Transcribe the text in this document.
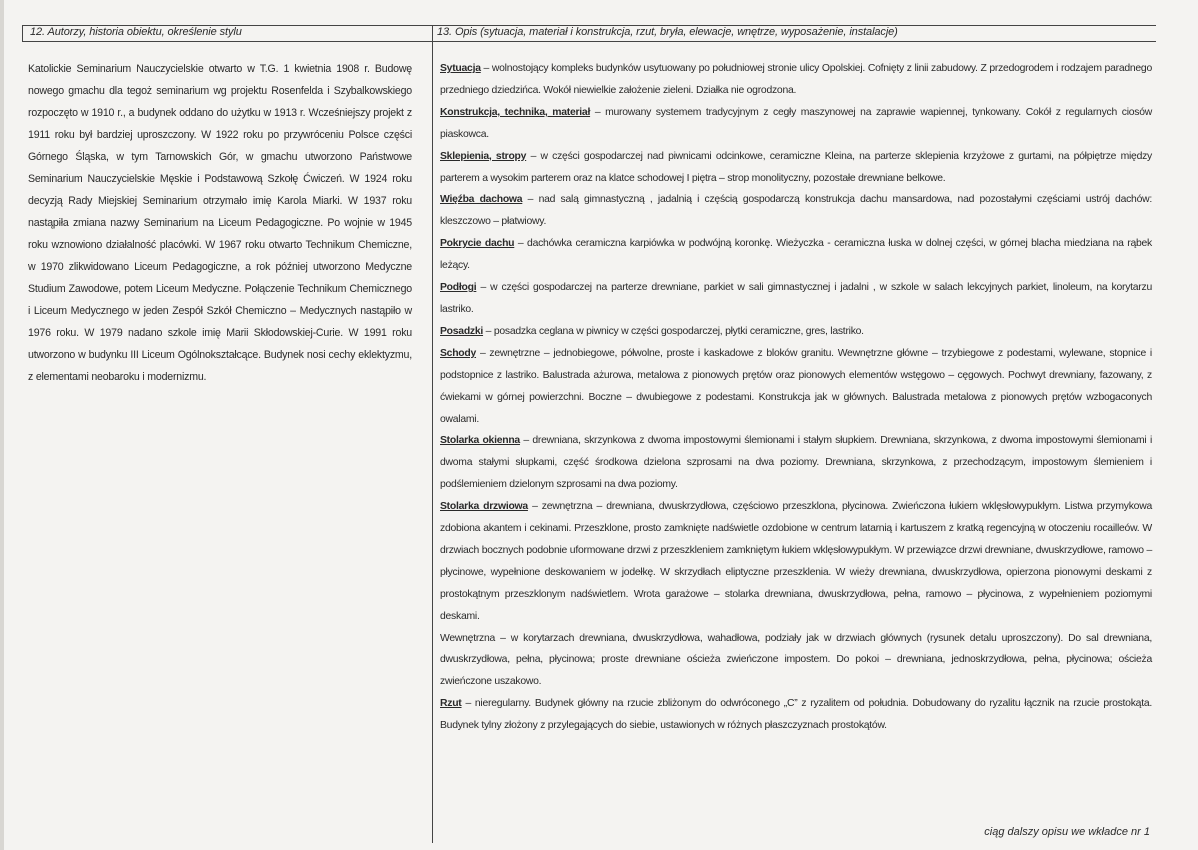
12. Autorzy, historia obiektu, określenie stylu	13. Opis (sytuacja, materiał i konstrukcja, rzut, bryła, elewacje, wnętrze, wyposażenie, instalacje)

Katolickie Seminarium Nauczycielskie otwarto w T.G. 1 kwietnia 1908 r. Budowę nowego gmachu dla tegoż seminarium wg projektu Rosenfelda i Szybalkowskiego rozpoczęto w 1910 r., a budynek oddano do użytku w 1913 r. Wcześniejszy projekt z 1911 roku był bardziej uproszczony. W 1922 roku po przywróceniu Polsce części Górnego Śląska, w tym Tarnowskich Gór, w gmachu utworzono Państwowe Seminarium Nauczycielskie Męskie i Podstawową Szkołę Ćwiczeń. W 1924 roku decyzją Rady Miejskiej Seminarium otrzymało imię Karola Miarki. W 1937 roku nastąpiła zmiana nazwy Seminarium na Liceum Pedagogiczne. Po wojnie w 1945 roku wznowiono działalność placówki. W 1967 roku otwarto Technikum Chemiczne, w 1970 zlikwidowano Liceum Pedagogiczne, a rok później utworzono Medyczne Studium Zawodowe, potem Liceum Medyczne. Połączenie Technikum Chemicznego i Liceum Medycznego w jeden Zespół Szkół Chemiczno – Medycznych nastąpiło w 1976 roku. W 1979 nadano szkole imię Marii Skłodowskiej-Curie. W 1991 roku utworzono w budynku III Liceum Ogólnokształcące. Budynek nosi cechy eklektyzmu, z elementami neobaroku i modernizmu.

Sytuacja – wolnostojący kompleks budynków usytuowany po południowej stronie ulicy Opolskiej. Cofnięty z linii zabudowy. Z przedogrodem i rodzajem paradnego przedniego dziedzińca. Wokół niewielkie założenie zieleni. Działka nie ogrodzona.

Konstrukcja, technika, materiał – murowany systemem tradycyjnym z cegły maszynowej na zaprawie wapiennej, tynkowany. Cokół z regularnych ciosów piaskowca.

Sklepienia, stropy – w części gospodarczej nad piwnicami odcinkowe, ceramiczne Kleina, na parterze sklepienia krzyżowe z gurtami, na półpiętrze między parterem a wysokim parterem oraz na klatce schodowej I piętra – strop monolityczny, pozostałe drewniane belkowe.

Więźba dachowa – nad salą gimnastyczną , jadalnią i częścią gospodarczą konstrukcja dachu mansardowa, nad pozostałymi częściami ustrój dachów: kleszczowo – płatwiowy.

Pokrycie dachu – dachówka ceramiczna karpiówka w podwójną koronkę. Wieżyczka - ceramiczna łuska w dolnej części, w górnej blacha miedziana na rąbek leżący.

Podłogi – w części gospodarczej na parterze drewniane, parkiet w sali gimnastycznej i jadalni , w szkole w salach lekcyjnych parkiet, linoleum, na korytarzu lastriko.

Posadzki – posadzka ceglana w piwnicy w części gospodarczej, płytki ceramiczne, gres, lastriko.

Schody – zewnętrzne – jednobiegowe, półwolne, proste i kaskadowe z bloków granitu. Wewnętrzne główne – trzybiegowe z podestami, wylewane, stopnice i podstopnice z lastriko. Balustrada ażurowa, metalowa z pionowych prętów oraz pionowych elementów wstęgowo – cęgowych. Pochwyt drewniany, fazowany, z ćwiekami w górnej powierzchni. Boczne – dwubiegowe z podestami. Konstrukcja jak w głównych. Balustrada metalowa z pionowych prętów wzbogaconych owalami.

Stolarka okienna – drewniana, skrzynkowa z dwoma impostowymi ślemionami i stałym słupkiem. Drewniana, skrzynkowa, z dwoma impostowymi ślemionami i dwoma stałymi słupkami, część środkowa dzielona szprosami na dwa poziomy. Drewniana, skrzynkowa, z przechodzącym, impostowym ślemieniem i podślemieniem dzielonym szprosami na dwa poziomy.

Stolarka drzwiowa – zewnętrzna – drewniana, dwuskrzydłowa, częściowo przeszklona, płycinowa. Zwieńczona łukiem wklęsłowypukłym. Listwa przymykowa zdobiona akantem i cekinami. Przeszklone, prosto zamknięte nadświetle ozdobione w centrum latarnią i kartuszem z kratką regencyjną w otoczeniu rocailleów. W drzwiach bocznych podobnie uformowane drzwi z przeszkleniem zamkniętym łukiem wklęsłowypukłym. W przewiązce drzwi drewniane, dwuskrzydłowe, ramowo – płycinowe, wypełnione deskowaniem w jodełkę. W skrzydłach eliptyczne przeszklenia. W wieży drewniana, dwuskrzydłowa, opierzona pionowymi deskami z prostokątnym przeszklonym nadświetlem. Wrota garażowe – stolarka drewniana, dwuskrzydłowa, pełna, ramowo – płycinowa, z wypełnieniem poziomymi deskami.

Wewnętrzna – w korytarzach drewniana, dwuskrzydłowa, wahadłowa, podziały jak w drzwiach głównych (rysunek detalu uproszczony). Do sal drewniana, dwuskrzydłowa, pełna, płycinowa; proste drewniane ościeża zwieńczone impostem. Do pokoi – drewniana, jednoskrzydłowa, pełna, płycinowa; ościeża zwieńczone uszakowo.

Rzut – nieregularny. Budynek główny na rzucie zbliżonym do odwróconego „C” z ryzalitem od południa. Dobudowany do ryzalitu łącznik na rzucie prostokąta. Budynek tylny złożony z przylegających do siebie, ustawionych w różnych płaszczyznach prostokątów.

ciąg dalszy opisu we wkładce nr 1
